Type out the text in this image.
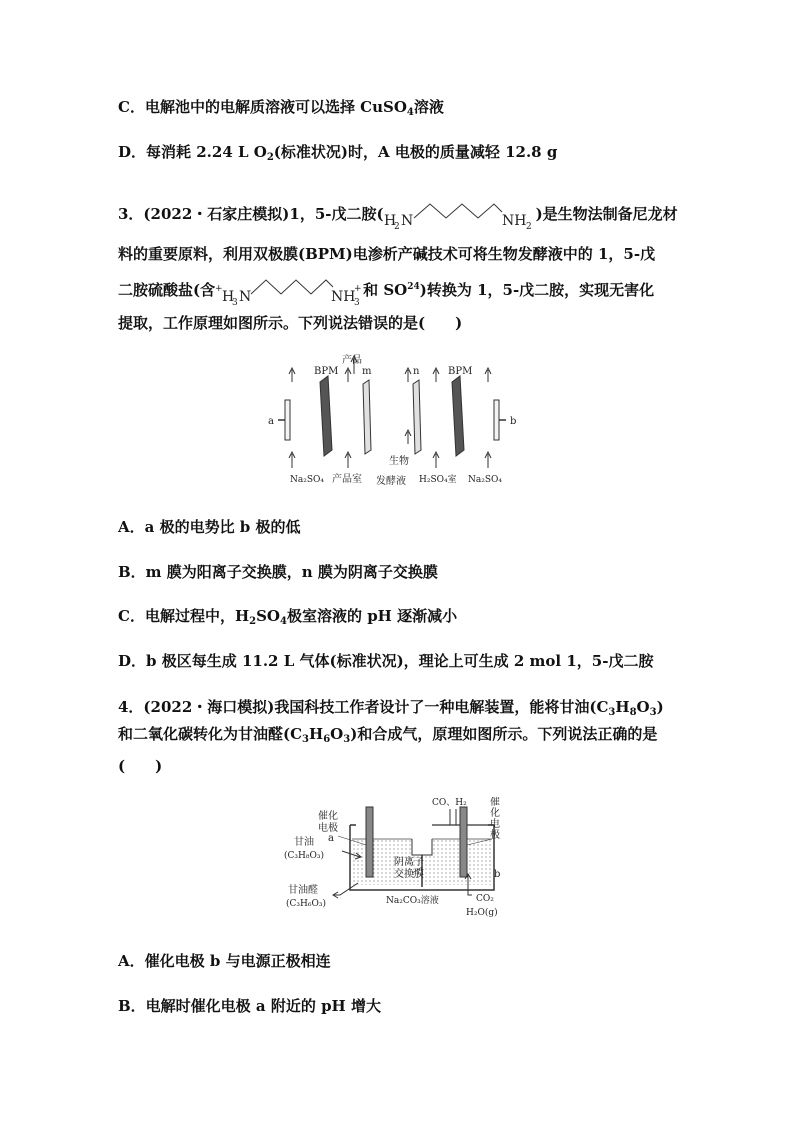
C．电解池中的电解质溶液可以选择 CuSO$_4$溶液
D．每消耗 2.24 L $O_2$(标准状况)时，A 电极的质量减轻 12.8 g
3．(2022・石家庄模拟)1，5-戊二胺( H
2 N	NH 2
)是生物法制备尼龙材
料的重要原料，利用双极膜(BPM)电渗析产碱技术可将生物发酵液中的 1，5-戊
二胺硫酸盐(含 + H
3 N	NH
3
+ 和 SO$^{24}$)转换为 1，5-戊二胺，实现无害化
提取，工作原理如图所示。下列说法错误的是(　　)
BPM
产品
m	n	BPM
a	b
Na₂SO₄ 产品室
生物
发酵液 H₂SO₄室 Na₂SO₄
A．a 极的电势比 b 极的低
B．m 膜为阳离子交换膜，n 膜为阴离子交换膜
C．电解过程中，$H_2SO_4$极室溶液的 pH 逐渐减小
D．b 极区每生成 11.2 L 气体(标准状况)，理论上可生成 2 mol 1，5-戊二胺
4．(2022・海口模拟)我国科技工作者设计了一种电解装置，能将甘油$(C_3H_8O_3)$
和二氧化碳转化为甘油醛$(C_3H_6O_3)$和合成气，原理如图所示。下列说法正确的是
(　　)
催化
电极
甘油
(C₃H₈O₃)
a
甘油醛
(C₃H₆O₃)
CO、H₂ 催化电极
b
阴离子
交换膜
Na₂CO₃溶液	CO₂
H₂O(g)
A．催化电极 b 与电源正极相连
B．电解时催化电极 a 附近的 pH 增大
